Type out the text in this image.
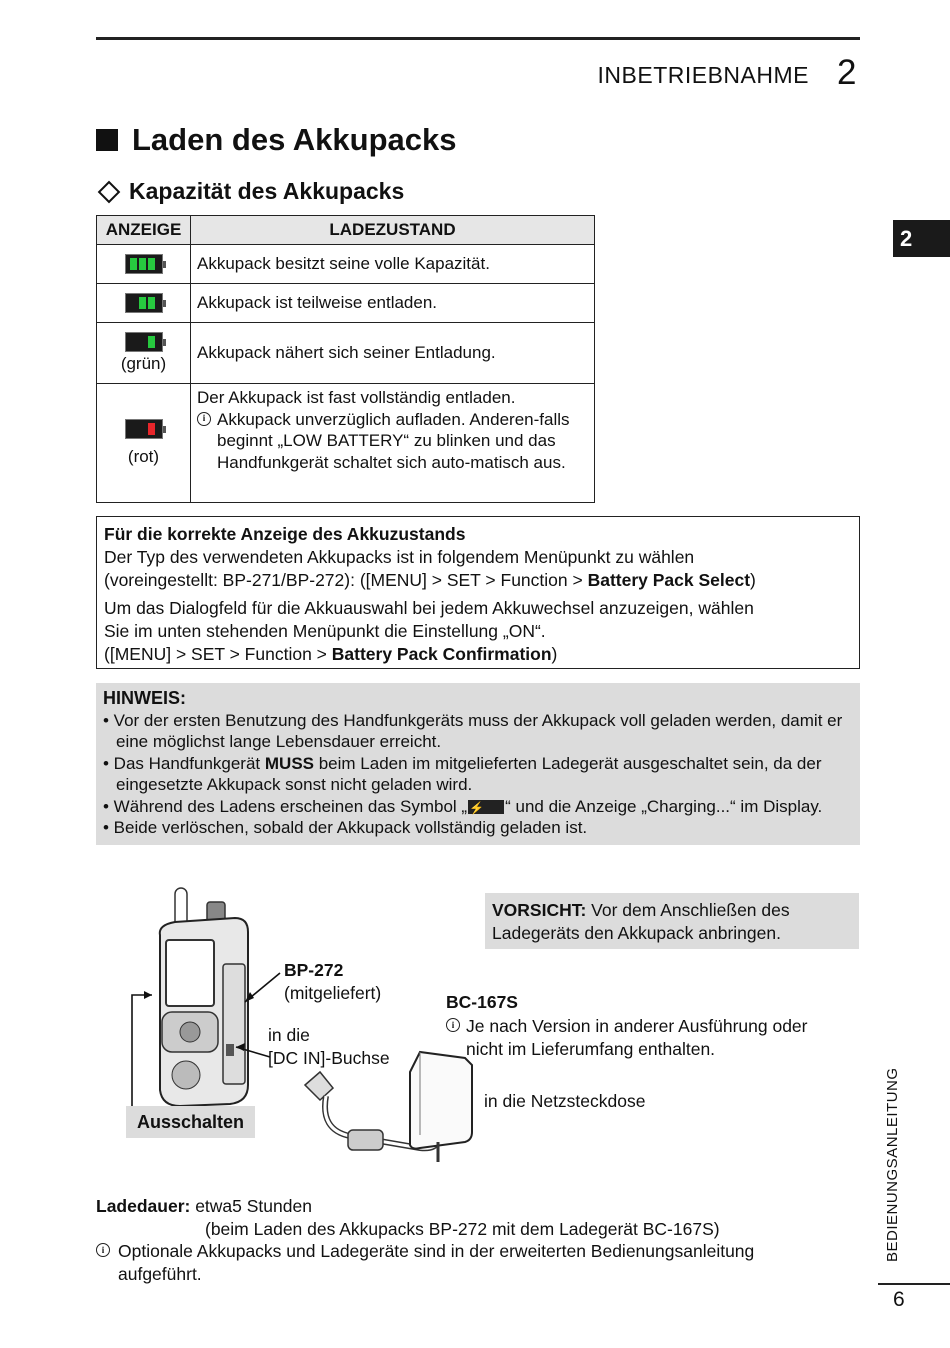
INBETRIEBNAHME 2
2
Laden des Akkupacks
Kapazität des Akkupacks
ANZEIGE	LADEZUSTAND

	Akkupack besitzt seine volle Kapazität.

	Akkupack ist teilweise entladen.

(grün)	Akkupack nähert sich seiner Entladung.

(rot)	Der Akkupack ist fast vollständig entladen.
i Akkupack unverzüglich aufladen. Anderen-falls beginnt „LOW BATTERY“ zu blinken und das Handfunkgerät schaltet sich auto-matisch aus.

Für die korrekte Anzeige des Akkuzustands

Der Typ des verwendeten Akkupacks ist in folgendem Menüpunkt zu wählen

(voreingestellt: BP-271/BP-272): ([MENU] > SET > Function > Battery Pack Select)

Um das Dialogfeld für die Akkuauswahl bei jedem Akkuwechsel anzuzeigen, wählen

Sie im unten stehenden Menüpunkt die Einstellung „ON“.

([MENU] > SET > Function > Battery Pack Confirmation)

HINWEIS:
• Vor der ersten Benutzung des Handfunkgeräts muss der Akkupack voll geladen werden, damit er eine möglichst lange Lebensdauer erreicht.
• Das Handfunkgerät MUSS beim Laden im mitgelieferten Ladegerät ausgeschaltet sein, da der eingesetzte Akkupack sonst nicht geladen wird.
• Während des Ladens erscheinen das Symbol „ ⚡ “ und die Anzeige „Charging...“ im Display.
• Beide verlöschen, sobald der Akkupack vollständig geladen ist.
VORSICHT: Vor dem Anschließen des Ladegeräts den Akkupack anbringen.
BP-272
(mitgeliefert)
in die
[DC IN]-Buchse
BC-167S
i Je nach Version in anderer Ausführung oder nicht im Lieferumfang enthalten.
in die Netzsteckdose
Ausschalten
Ladedauer: etwa5 Stunden
(beim Laden des Akkupacks BP-272 mit dem Ladegerät BC-167S)
i Optionale Akkupacks und Ladegeräte sind in der erweiterten Bedienungsanleitung aufgeführt.
BEDIENUNGSANLEITUNG
6
